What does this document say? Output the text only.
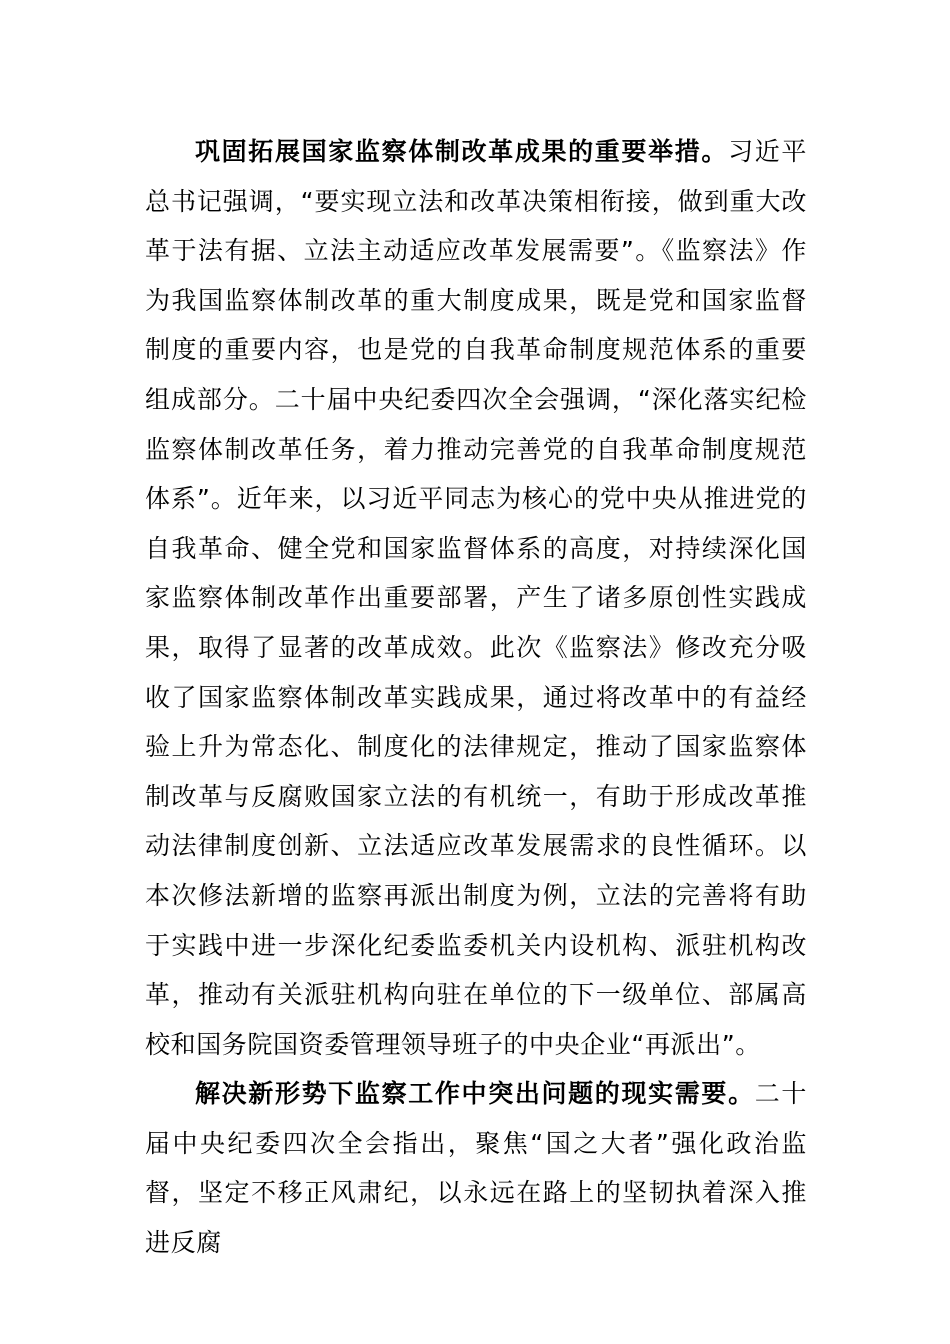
巩固拓展国家监察体制改革成果的重要举措。习近平总书记强调，“要实现立法和改革决策相衔接，做到重大改革于法有据、立法主动适应改革发展需要”。《监察法》作为我国监察体制改革的重大制度成果，既是党和国家监督制度的重要内容，也是党的自我革命制度规范体系的重要组成部分。二十届中央纪委四次全会强调，“深化落实纪检监察体制改革任务，着力推动完善党的自我革命制度规范体系”。近年来，以习近平同志为核心的党中央从推进党的自我革命、健全党和国家监督体系的高度，对持续深化国家监察体制改革作出重要部署，产生了诸多原创性实践成果，取得了显著的改革成效。此次《监察法》修改充分吸收了国家监察体制改革实践成果，通过将改革中的有益经验上升为常态化、制度化的法律规定，推动了国家监察体制改革与反腐败国家立法的有机统一，有助于形成改革推动法律制度创新、立法适应改革发展需求的良性循环。以本次修法新增的监察再派出制度为例，立法的完善将有助于实践中进一步深化纪委监委机关内设机构、派驻机构改革，推动有关派驻机构向驻在单位的下一级单位、部属高校和国务院国资委管理领导班子的中央企业“再派出”。

解决新形势下监察工作中突出问题的现实需要。二十届中央纪委四次全会指出，聚焦“国之大者”强化政治监督，坚定不移正风肃纪，以永远在路上的坚韧执着深入推进反腐
